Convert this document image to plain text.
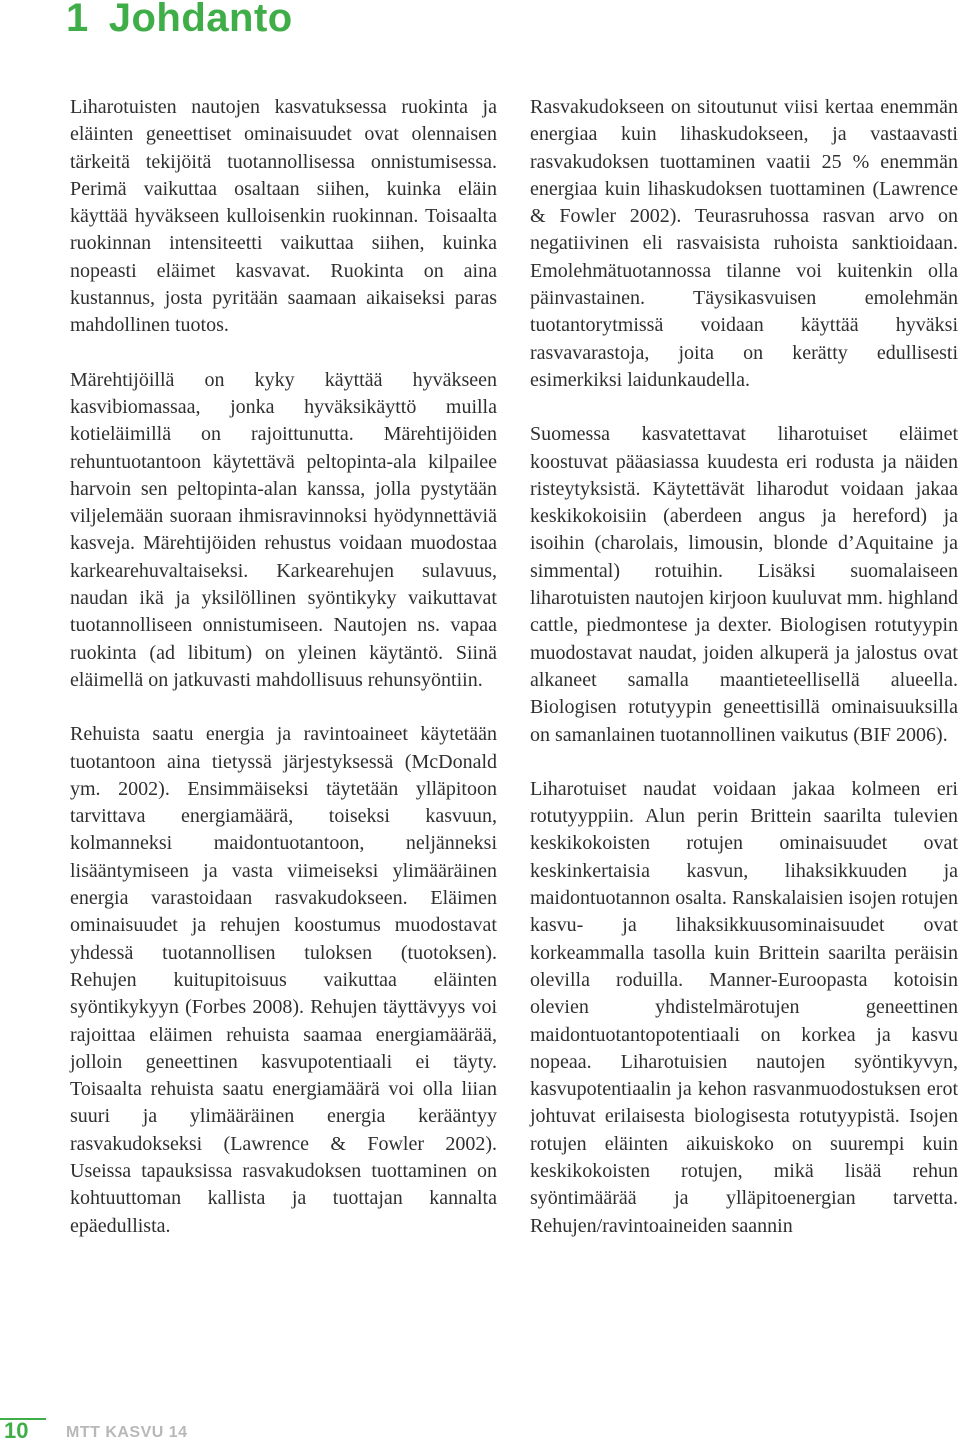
1 Johdanto

Liharotuisten nautojen kasvatuksessa ruokinta ja eläinten geneettiset ominaisuudet ovat olennaisen tärkeitä tekijöitä tuotannollisessa onnistumisessa. Perimä vaikuttaa osaltaan siihen, kuinka eläin käyttää hyväkseen kulloisenkin ruokinnan. Toisaalta ruokinnan intensiteetti vaikuttaa siihen, kuinka nopeasti eläimet kasvavat. Ruokinta on aina kustannus, josta pyritään saamaan aikaiseksi paras mahdollinen tuotos.

Märehtijöillä on kyky käyttää hyväkseen kasvibiomassaa, jonka hyväksikäyttö muilla kotieläimillä on rajoittunutta. Märehtijöiden rehuntuotantoon käytettävä peltopinta-ala kilpailee harvoin sen peltopinta-alan kanssa, jolla pystytään viljelemään suoraan ihmisravinnoksi hyödynnettäviä kasveja. Märehtijöiden rehustus voidaan muodostaa karkearehuvaltaiseksi. Karkearehujen sulavuus, naudan ikä ja yksilöllinen syöntikyky vaikuttavat tuotannolliseen onnistumiseen. Nautojen ns. vapaa ruokinta (ad libitum) on yleinen käytäntö. Siinä eläimellä on jatkuvasti mahdollisuus rehunsyöntiin.

Rehuista saatu energia ja ravintoaineet käytetään tuotantoon aina tietyssä järjestyksessä (McDonald ym. 2002). Ensimmäiseksi täytetään ylläpitoon tarvittava energiamäärä, toiseksi kasvuun, kolmanneksi maidontuotantoon, neljänneksi lisääntymiseen ja vasta viimeiseksi ylimääräinen energia varastoidaan rasvakudokseen. Eläimen ominaisuudet ja rehujen koostumus muodostavat yhdessä tuotannollisen tuloksen (tuotoksen). Rehujen kuitupitoisuus vaikuttaa eläinten syöntikykyyn (Forbes 2008). Rehujen täyttävyys voi rajoittaa eläimen rehuista saamaa energiamäärää, jolloin geneettinen kasvupotentiaali ei täyty. Toisaalta rehuista saatu energiamäärä voi olla liian suuri ja ylimääräinen energia kerääntyy rasvakudokseksi (Lawrence & Fowler 2002). Useissa tapauksissa rasvakudoksen tuottaminen on kohtuuttoman kallista ja tuottajan kannalta epäedullista.

Rasvakudokseen on sitoutunut viisi kertaa enemmän energiaa kuin lihaskudokseen, ja vastaavasti rasvakudoksen tuottaminen vaatii 25 % enemmän energiaa kuin lihaskudoksen tuottaminen (Lawrence & Fowler 2002). Teurasruhossa rasvan arvo on negatiivinen eli rasvaisista ruhoista sanktioidaan. Emolehmätuotannossa tilanne voi kuitenkin olla päinvastainen. Täysikasvuisen emolehmän tuotantorytmissä voidaan käyttää hyväksi rasvavarastoja, joita on kerätty edullisesti esimerkiksi laidunkaudella.

Suomessa kasvatettavat liharotuiset eläimet koostuvat pääasiassa kuudesta eri rodusta ja näiden risteytyksistä. Käytettävät liharodut voidaan jakaa keskikokoisiin (aberdeen angus ja hereford) ja isoihin (charolais, limousin, blonde d’Aquitaine ja simmental) rotuihin. Lisäksi suomalaiseen liharotuisten nautojen kirjoon kuuluvat mm. highland cattle, piedmontese ja dexter. Biologisen rotutyypin muodostavat naudat, joiden alkuperä ja jalostus ovat alkaneet samalla maantieteellisellä alueella. Biologisen rotutyypin geneettisillä ominaisuuksilla on samanlainen tuotannollinen vaikutus (BIF 2006).

Liharotuiset naudat voidaan jakaa kolmeen eri rotutyyppiin. Alun perin Brittein saarilta tulevien keskikokoisten rotujen ominaisuudet ovat keskinkertaisia kasvun, lihaksikkuuden ja maidontuotannon osalta. Ranskalaisien isojen rotujen kasvu- ja lihaksikkuusominaisuudet ovat korkeammalla tasolla kuin Brittein saarilta peräisin olevilla roduilla. Manner-Euroopasta kotoisin olevien yhdistelmärotujen geneettinen maidontuotantopotentiaali on korkea ja kasvu nopeaa. Liharotuisien nautojen syöntikyvyn, kasvupotentiaalin ja kehon rasvanmuodostuksen erot johtuvat erilaisesta biologisesta rotutyypistä. Isojen rotujen eläinten aikuiskoko on suurempi kuin keskikokoisten rotujen, mikä lisää rehun syöntimäärää ja ylläpitoenergian tarvetta. Rehujen/ravintoaineiden saannin

10 MTT KASVU 14
